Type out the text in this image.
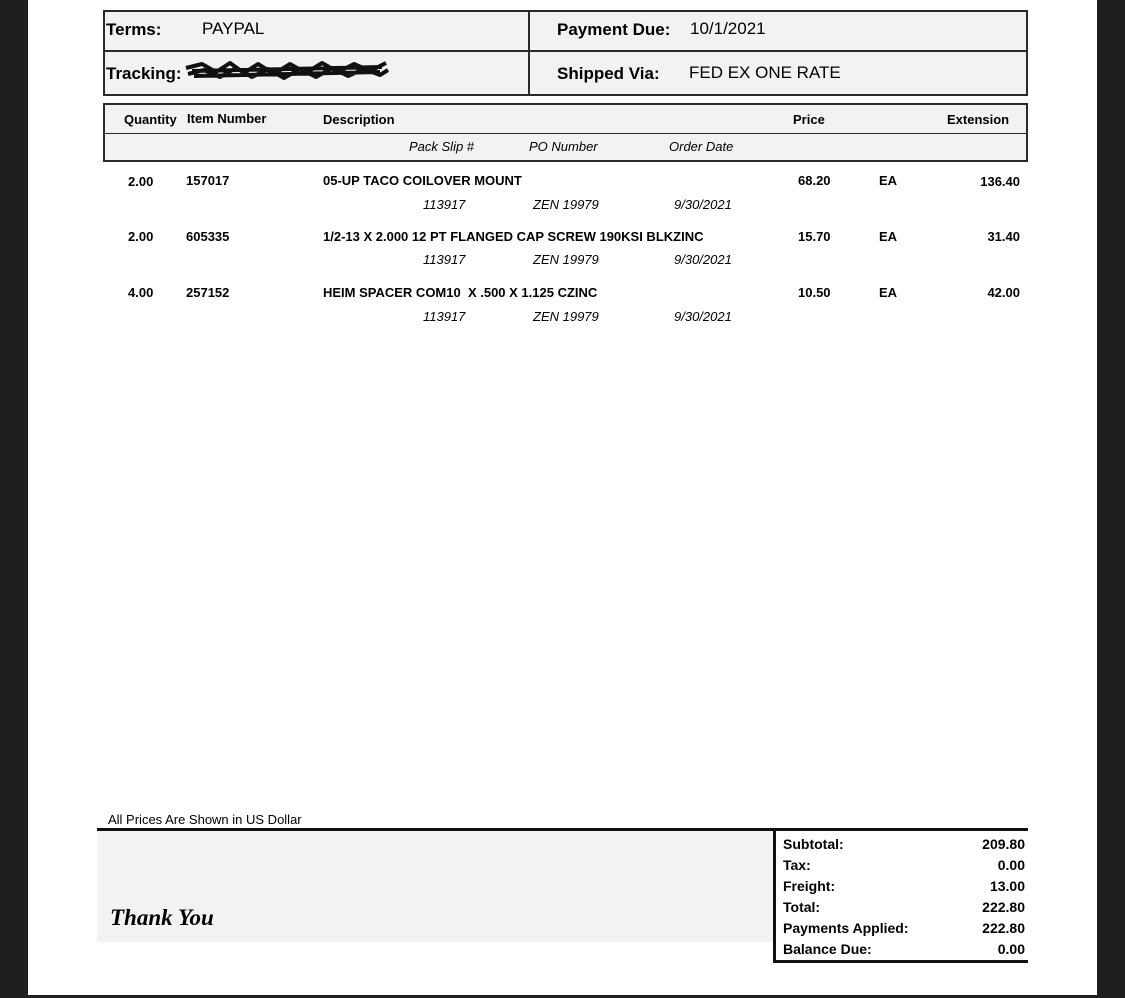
Terms: PAYPAL	Payment Due: 10/1/2021
Tracking:	Shipped Via: FED EX ONE RATE
Quantity Item Number	Description	Price	Extension
Pack Slip #	PO Number	Order Date
2.00	157017	05-UP TACO COILOVER MOUNT	68.20	EA	136.40
113917	ZEN 19979	9/30/2021
2.00	605335	1/2-13 X 2.000 12 PT FLANGED CAP SCREW 190KSI BLKZINC	15.70	EA	31.40
113917	ZEN 19979	9/30/2021
4.00	257152	HEIM SPACER COM10  X .500 X 1.125 CZINC	10.50	EA	42.00
113917	ZEN 19979	9/30/2021
All Prices Are Shown in US Dollar
Thank You
Subtotal:	209.80
Tax:	0.00
Freight:	13.00
Total:	222.80
Payments Applied:	222.80
Balance Due:	0.00
